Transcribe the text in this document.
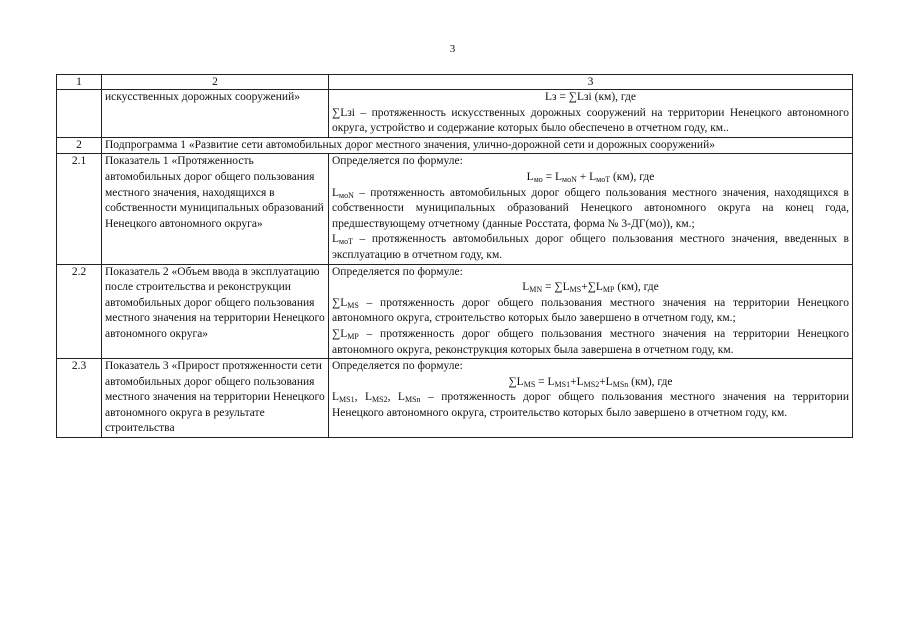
3
1	2	3
	искусственных дорожных сооружений»	Lз = ∑Lзi (км), где
∑Lзi – протяженность искусственных дорожных сооружений на территории Ненецкого автономного округа, устройство и содержание которых было обеспечено в отчетном году, км..

2	Подпрограмма 1 «Развитие сети автомобильных дорог местного значения, улично-дорожной сети и дорожных сооружений»	
2.1	Показатель 1 «Протяженность автомобильных дорог общего пользования местного значения, находящихся в собственности муниципальных образований Ненецкого автономного округа»	Определяется по формуле:
$L_{мо} = L_{моN} + L_{моT}$ (км), где
$L_{моN}$ – протяженность автомобильных дорог общего пользования местного значения, находящихся в собственности муниципальных образований Ненецкого автономного округа на конец года, предшествующему отчетному (данные Росстата, форма № 3-ДГ(мо)), км.;
$L_{моT}$ – протяженность автомобильных дорог общего пользования местного значения, введенных в эксплуатацию в отчетном году, км.

2.2	Показатель 2 «Объем ввода в эксплуатацию после строительства и реконструкции автомобильных дорог общего пользования местного значения на территории Ненецкого автономного округа»	Определяется по формуле:
$L_{MN} = \sum L_{MS}+\sum L_{MP}$ (км), где
$\sum L_{MS}$ – протяженность дорог общего пользования местного значения на территории Ненецкого автономного округа, строительство которых было завершено в отчетном году, км.;
$\sum L_{MP}$ – протяженность дорог общего пользования местного значения на территории Ненецкого автономного округа, реконструкция которых была завершена в отчетном году, км.

2.3	Показатель 3 «Прирост протяженности сети автомобильных дорог общего пользования местного значения на территории Ненецкого автономного округа в результате строительства	Определяется по формуле:
$\sum L_{MS} = L_{MS1}+L_{MS2}+L_{MSn}$ (км), где
$L_{MS1}$, $L_{MS2}$, $L_{MSn}$ – протяженность дорог общего пользования местного значения на территории Ненецкого автономного округа, строительство которых было завершено в отчетном году, км.
